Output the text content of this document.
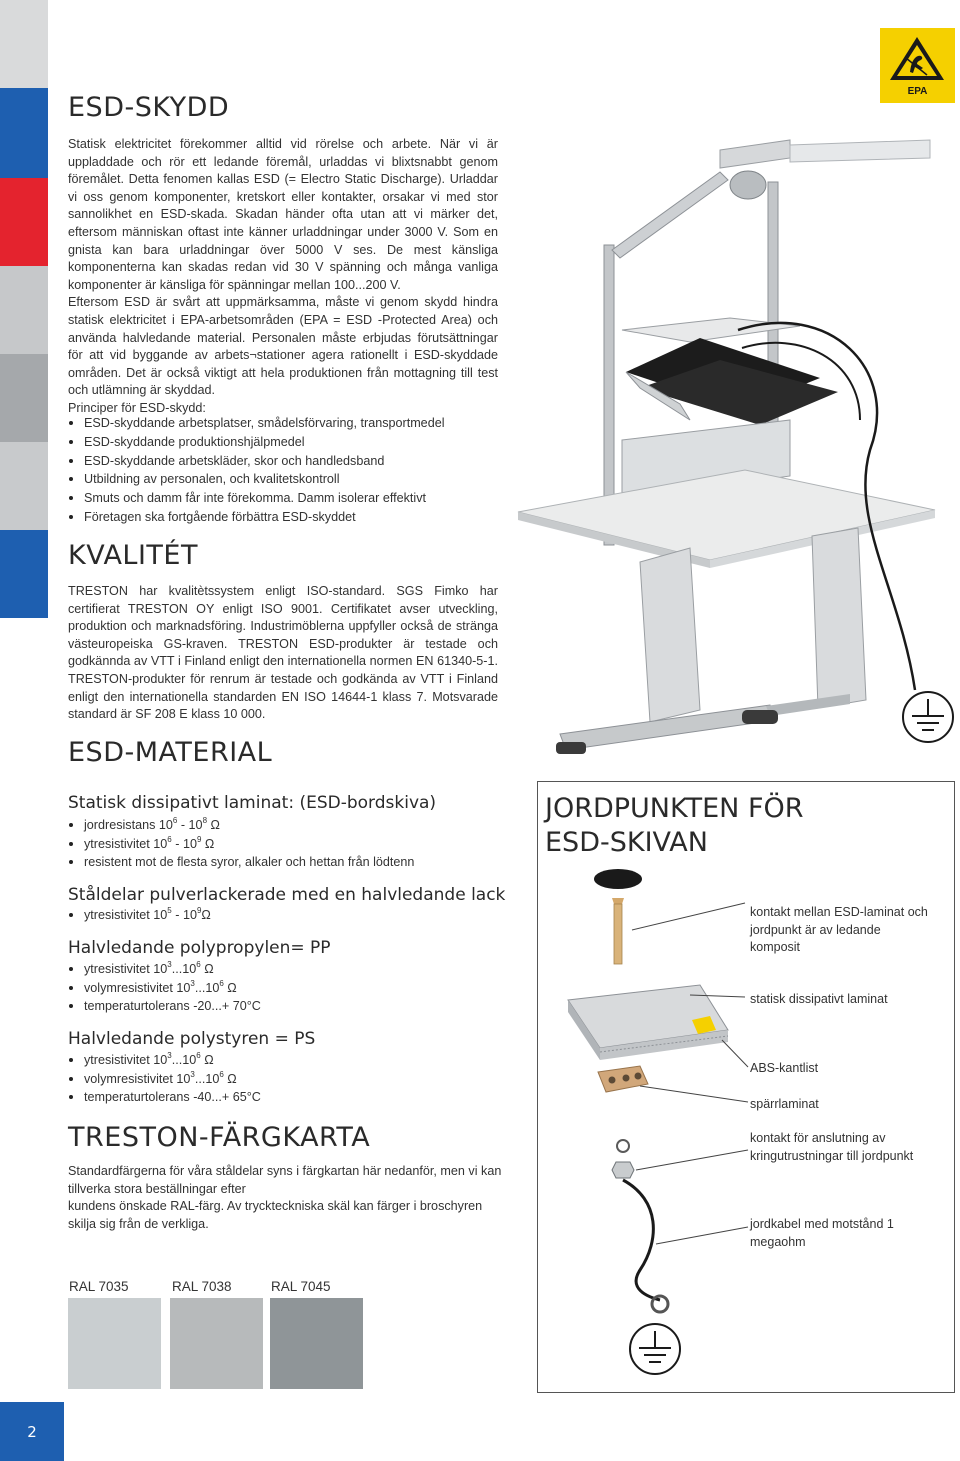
2
EPA
ESD-SKYDD

Statisk elektricitet förekommer alltid vid rörelse och arbete. När vi är uppladdade och rör ett ledande föremål, urladdas vi blixtsnabbt genom föremålet. Detta fenomen kallas ESD (= Electro Static Discharge). Urladdar vi oss genom komponenter, kretskort eller kontakter, orsakar vi med stor sannolikhet en ESD-skada. Skadan händer ofta utan att vi märker det, eftersom människan oftast inte känner urladdningar under 3000 V. Som en gnista kan bara urladdningar över 5000 V ses. De mest känsliga komponenterna kan skadas redan vid 30 V spänning och många vanliga komponenter är känsliga för spänningar mellan 100...200 V.

Eftersom ESD är svårt att uppmärksamma, måste vi genom skydd hindra statisk elektricitet i EPA-arbetsområden (EPA = ESD -Protected Area) och använda halvledande material. Personalen måste erbjudas förutsättningar för att vid byggande av arbets¬stationer agera rationellt i ESD-skyddade områden. Det är också viktigt att hela produktionen från mottagning till test och utlämning är skyddad.

Principer för ESD-skydd:

ESD-skyddande arbetsplatser, smådelsförvaring, transportmedel
ESD-skyddande produktionshjälpmedel
ESD-skyddande arbetskläder, skor och handledsband
Utbildning av personalen, och kvalitetskontroll
Smuts och damm får inte förekomma. Damm isolerar effektivt
Företagen ska fortgående förbättra ESD-skyddet
KVALITÉT
TRESTON har kvalitètssystem enligt ISO-standard. SGS Fimko har certifierat TRESTON OY enligt ISO 9001. Certifikatet avser utveckling, produktion och marknadsföring. Industrimöblerna uppfyller också de stränga västeuropeiska GS-kraven. TRESTON ESD-produkter är testade och godkännda av VTT i Finland enligt den internationella normen EN 61340-5-1. TRESTON-produkter för renrum är testade och godkända av VTT i Finland enligt den internationella standarden EN ISO 14644-1 klass 7. Motsvarade standard är SF 208 E klass 10 000.
ESD-MATERIAL
Statisk dissipativt laminat: (ESD-bordskiva)
jordresistans $10^6 - 10^8$ Ω
ytresistivitet $10^6 - 10^9$ Ω
resistent mot de flesta syror, alkaler och hettan från lödtenn
Ståldelar pulverlackerade med en halvledande lack
ytresistivitet $10^5 - 10^9\Omega$
Halvledande polypropylen= PP
ytresistivitet $10^3...10^6$ Ω
volymresistivitet $10^3...10^6$ Ω
temperaturtolerans -20...+ 70°C
Halvledande polystyren = PS
ytresistivitet $10^3...10^6$ Ω
volymresistivitet $10^3...10^6$ Ω
temperaturtolerans -40...+ 65°C
TRESTON-FÄRGKARTA

Standardfärgerna för våra ståldelar syns i färgkartan här nedanför, men vi kan tillverka stora beställningar efter

kundens önskade RAL-färg. Av tryckteckniska skäl kan färger i broschyren skilja sig från de verkliga.

RAL 7035	RAL 7038	RAL 7045
JORDPUNKTEN FÖR
ESD-SKIVAN
kontakt mellan ESD-laminat och jordpunkt är av ledande komposit
statisk dissipativt laminat
ABS-kantlist
spärrlaminat
kontakt för anslutning av kringutrustningar till jordpunkt
jordkabel med motstånd 1 megaohm
